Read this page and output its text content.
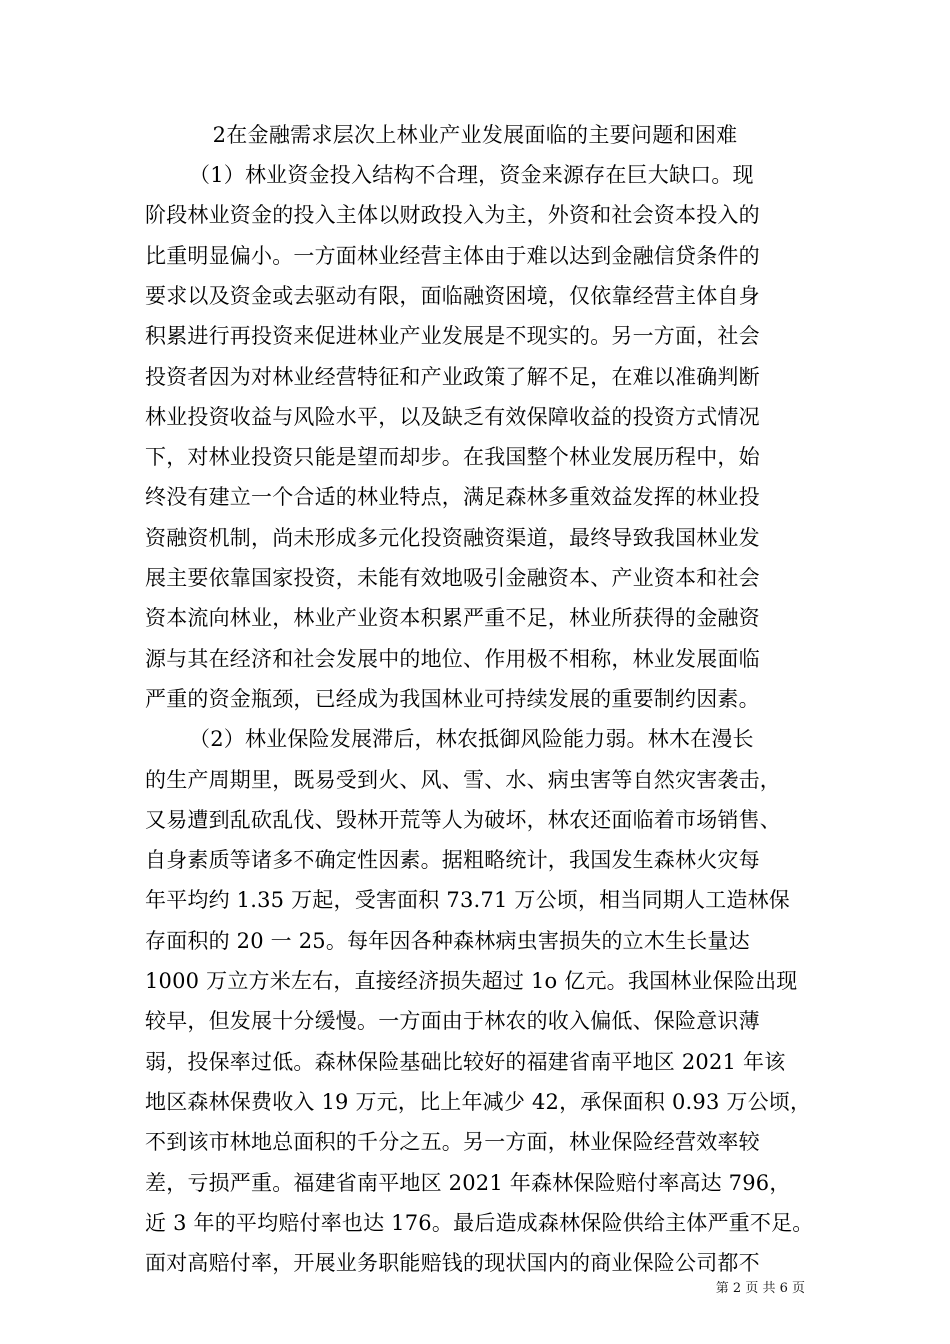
2在金融需求层次上林业产业发展面临的主要问题和困难
（1）林业资金投入结构不合理，资金来源存在巨大缺口。现
阶段林业资金的投入主体以财政投入为主，外资和社会资本投入的
比重明显偏小。一方面林业经营主体由于难以达到金融信贷条件的
要求以及资金或去驱动有限，面临融资困境，仅依靠经营主体自身
积累进行再投资来促进林业产业发展是不现实的。另一方面，社会
投资者因为对林业经营特征和产业政策了解不足，在难以准确判断
林业投资收益与风险水平，以及缺乏有效保障收益的投资方式情况
下，对林业投资只能是望而却步。在我国整个林业发展历程中，始
终没有建立一个合适的林业特点，满足森林多重效益发挥的林业投
资融资机制，尚未形成多元化投资融资渠道，最终导致我国林业发
展主要依靠国家投资，未能有效地吸引金融资本、产业资本和社会
资本流向林业，林业产业资本积累严重不足，林业所获得的金融资
源与其在经济和社会发展中的地位、作用极不相称，林业发展面临
严重的资金瓶颈，已经成为我国林业可持续发展的重要制约因素。
（2）林业保险发展滞后，林农抵御风险能力弱。林木在漫长
的生产周期里，既易受到火、风、雪、水、病虫害等自然灾害袭击，
又易遭到乱砍乱伐、毁林开荒等人为破坏，林农还面临着市场销售、
自身素质等诸多不确定性因素。据粗略统计，我国发生森林火灾每
年平均约 1.35 万起，受害面积 73.71 万公顷，相当同期人工造林保
存面积的 20 一 25。每年因各种森林病虫害损失的立木生长量达
1000 万立方米左右，直接经济损失超过 1o 亿元。我国林业保险出现
较早，但发展十分缓慢。一方面由于林农的收入偏低、保险意识薄
弱，投保率过低。森林保险基础比较好的福建省南平地区 2021 年该
地区森林保费收入 19 万元，比上年减少 42，承保面积 0.93 万公顷，
不到该市林地总面积的千分之五。另一方面，林业保险经营效率较
差，亏损严重。福建省南平地区 2021 年森林保险赔付率高达 796，
近 3 年的平均赔付率也达 176。最后造成森林保险供给主体严重不足。
面对高赔付率，开展业务职能赔钱的现状国内的商业保险公司都不
第 2 页 共 6 页
